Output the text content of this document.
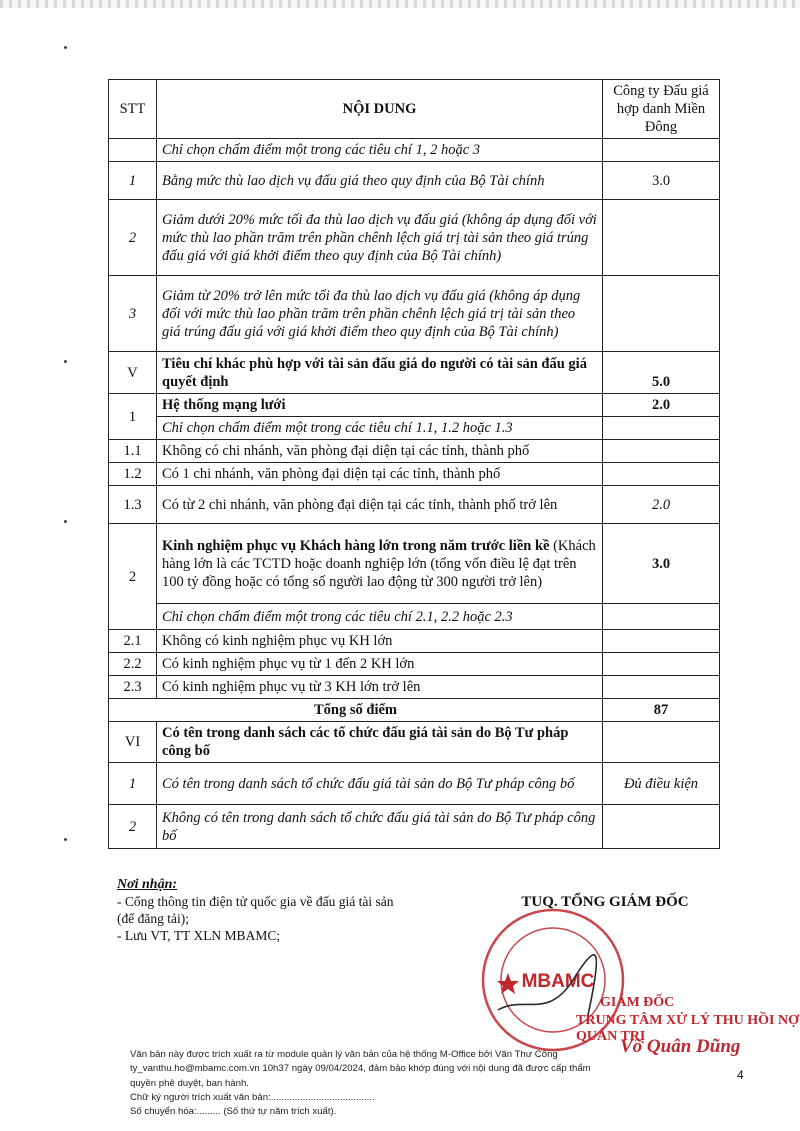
STT	NỘI DUNG	Công ty Đấu giá hợp danh Miền Đông
	Chỉ chọn chấm điểm một trong các tiêu chí 1, 2 hoặc 3	
1	Bằng mức thù lao dịch vụ đấu giá theo quy định của Bộ Tài chính	3.0
2	Giảm dưới 20% mức tối đa thù lao dịch vụ đấu giá (không áp dụng đối với mức thù lao phần trăm trên phần chênh lệch giá trị tài sản theo giá trúng đấu giá với giá khởi điểm theo quy định của Bộ Tài chính)	
3	Giảm từ 20% trở lên mức tối đa thù lao dịch vụ đấu giá (không áp dụng đối với mức thù lao phần trăm trên phần chênh lệch giá trị tài sản theo giá trúng đấu giá với giá khởi điểm theo quy định của Bộ Tài chính)	
V	Tiêu chí khác phù hợp với tài sản đấu giá do người có tài sản đấu giá quyết định	5.0
1	Hệ thống mạng lưới	2.0
	Chỉ chọn chấm điểm một trong các tiêu chí 1.1, 1.2 hoặc 1.3	
1.1	Không có chi nhánh, văn phòng đại diện tại các tỉnh, thành phố	
1.2	Có 1 chi nhánh, văn phòng đại diện tại các tỉnh, thành phố	
1.3	Có từ 2 chi nhánh, văn phòng đại diện tại các tỉnh, thành phố trở lên	2.0
2	Kinh nghiệm phục vụ Khách hàng lớn trong năm trước liền kề (Khách hàng lớn là các TCTD hoặc doanh nghiệp lớn (tổng vốn điều lệ đạt trên 100 tỷ đồng hoặc có tổng số người lao động từ 300 người trở lên)	3.0
	Chỉ chọn chấm điểm một trong các tiêu chí 2.1, 2.2 hoặc 2.3	
2.1	Không có kinh nghiệm phục vụ KH lớn	
2.2	Có kinh nghiệm phục vụ từ 1 đến 2 KH lớn	
2.3	Có kinh nghiệm phục vụ từ 3 KH lớn trở lên	
Tổng số điểm		87
VI	Có tên trong danh sách các tổ chức đấu giá tài sản do Bộ Tư pháp công bố	
1	Có tên trong danh sách tổ chức đấu giá tài sản do Bộ Tư pháp công bố	Đủ điều kiện
2	Không có tên trong danh sách tổ chức đấu giá tài sản do Bộ Tư pháp công bố	
Nơi nhận:
- Cổng thông tin điện tử quốc gia về đấu giá tài sản
(để đăng tải);
- Lưu VT, TT XLN MBAMC;
TUQ. TỔNG GIÁM ĐỐC
MBAMC
GIÁM ĐỐC
TRUNG TÂM XỬ LÝ THU HỒI NỢ QUẢN TRỊ
Võ Quân Dũng
Văn bản này được trích xuất ra từ module quản lý văn bản của hệ thống M-Office bởi Văn Thư Công
ty_vanthu.ho@mbamc.com.vn 10h37 ngày 09/04/2024, đảm bảo khớp đúng với nội dung đã được cấp thẩm
quyền phê duyệt, ban hành.
Chữ ký người trích xuất văn bản:.......................................
Số chuyển hóa:......... (Số thứ tự năm trích xuất).
4
